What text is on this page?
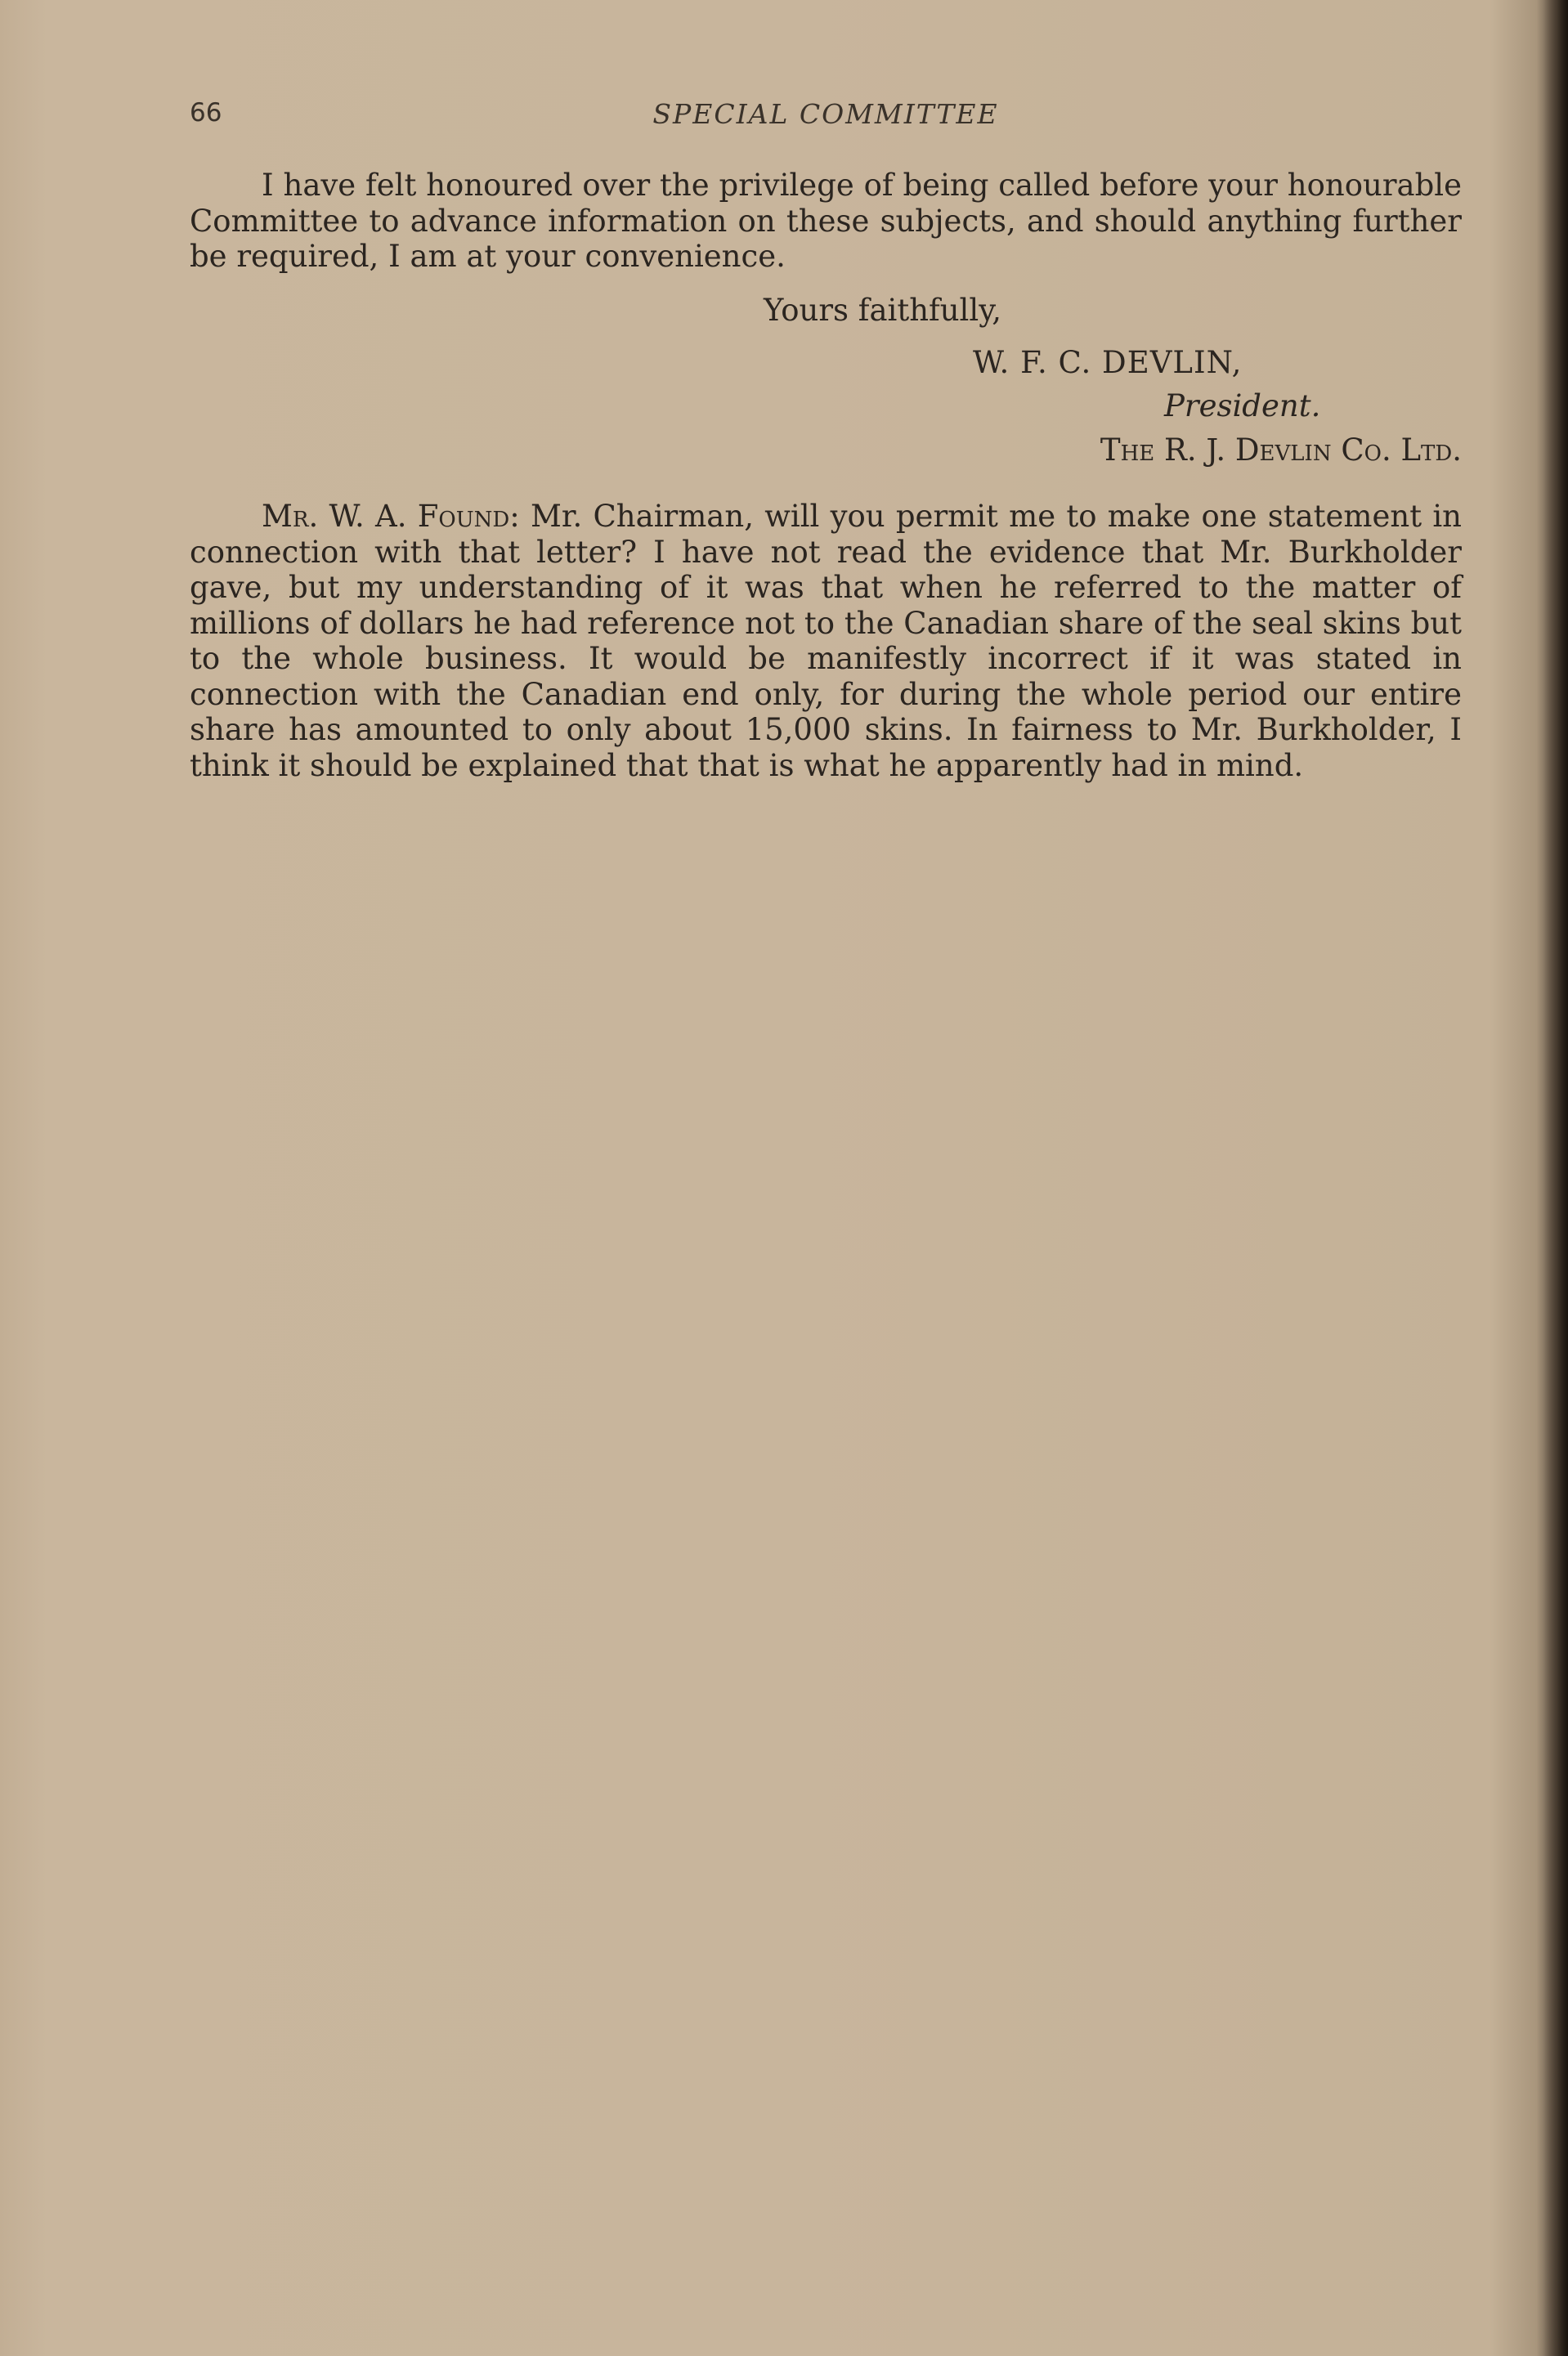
66	SPECIAL COMMITTEE

I have felt honoured over the privilege of being called before your honourable Committee to advance information on these subjects, and should anything further be required, I am at your convenience.

Yours faithfully,

W. F. C. DEVLIN,

President.

The R. J. Devlin Co. Ltd.

Mr. W. A. Found: Mr. Chairman, will you permit me to make one statement in connection with that letter? I have not read the evidence that Mr. Burkholder gave, but my understanding of it was that when he referred to the matter of millions of dollars he had reference not to the Canadian share of the seal skins but to the whole business. It would be manifestly incorrect if it was stated in connection with the Canadian end only, for during the whole period our entire share has amounted to only about 15,000 skins. In fairness to Mr. Burkholder, I think it should be explained that that is what he apparently had in mind.
